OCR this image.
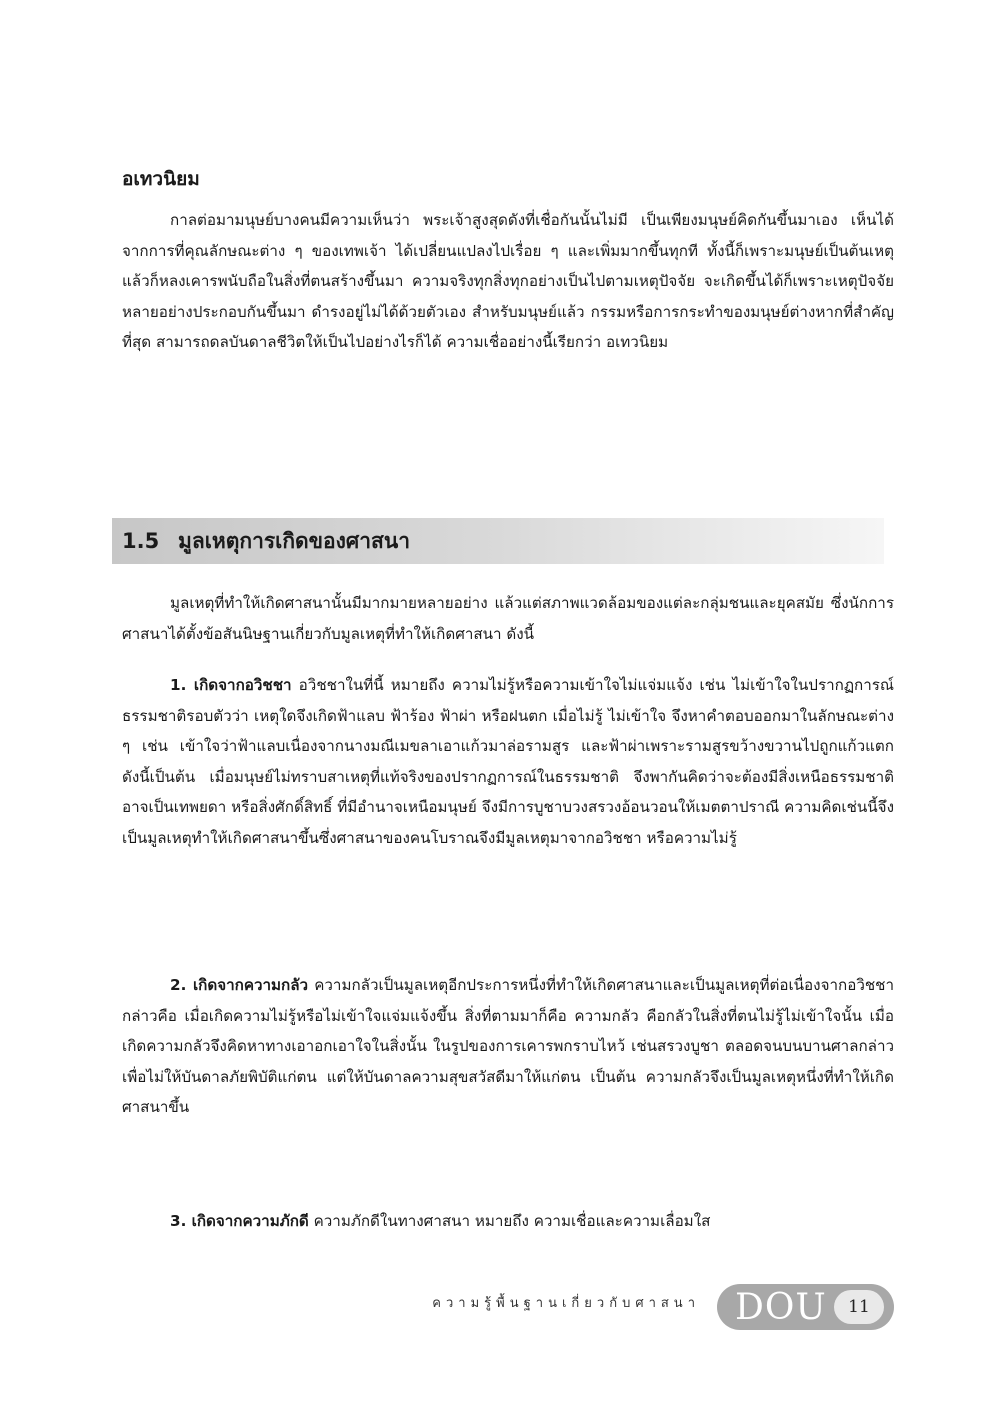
อเทวนิยม

กาลต่อมามนุษย์บางคนมีความเห็นว่า พระเจ้าสูงสุดดังที่เชื่อกันนั้นไม่มี เป็นเพียงมนุษย์คิดกันขึ้นมาเอง เห็นได้จากการที่คุณลักษณะต่าง ๆ ของเทพเจ้า ได้เปลี่ยนแปลงไปเรื่อย ๆ และเพิ่มมากขึ้นทุกที ทั้งนี้ก็เพราะมนุษย์เป็นต้นเหตุ แล้วก็หลงเคารพนับถือในสิ่งที่ตนสร้างขึ้นมา ความจริงทุกสิ่งทุกอย่างเป็นไปตามเหตุปัจจัย จะเกิดขึ้นได้ก็เพราะเหตุปัจจัยหลายอย่างประกอบกันขึ้นมา ดำรงอยู่ไม่ได้ด้วยตัวเอง สำหรับมนุษย์แล้ว กรรมหรือการกระทำของมนุษย์ต่างหากที่สำคัญที่สุด สามารถดลบันดาลชีวิตให้เป็นไปอย่างไรก็ได้ ความเชื่ออย่างนี้เรียกว่า อเทวนิยม

1.5 มูลเหตุการเกิดของศาสนา

มูลเหตุที่ทำให้เกิดศาสนานั้นมีมากมายหลายอย่าง แล้วแต่สภาพแวดล้อมของแต่ละกลุ่มชนและยุคสมัย ซึ่งนักการศาสนาได้ตั้งข้อสันนิษฐานเกี่ยวกับมูลเหตุที่ทำให้เกิดศาสนา ดังนี้

1. เกิดจากอวิชชา อวิชชาในที่นี้ หมายถึง ความไม่รู้หรือความเข้าใจไม่แจ่มแจ้ง เช่น ไม่เข้าใจในปรากฏการณ์ธรรมชาติรอบตัวว่า เหตุใดจึงเกิดฟ้าแลบ ฟ้าร้อง ฟ้าผ่า หรือฝนตก เมื่อไม่รู้ ไม่เข้าใจ จึงหาคำตอบออกมาในลักษณะต่าง ๆ เช่น เข้าใจว่าฟ้าแลบเนื่องจากนางมณีเมขลาเอาแก้วมาล่อรามสูร และฟ้าผ่าเพราะรามสูรขว้างขวานไปถูกแก้วแตก ดังนี้เป็นต้น เมื่อมนุษย์ไม่ทราบสาเหตุที่แท้จริงของปรากฏการณ์ในธรรมชาติ จึงพากันคิดว่าจะต้องมีสิ่งเหนือธรรมชาติอาจเป็นเทพยดา หรือสิ่งศักดิ์สิทธิ์ ที่มีอำนาจเหนือมนุษย์ จึงมีการบูชาบวงสรวงอ้อนวอนให้เมตตาปราณี ความคิดเช่นนี้จึงเป็นมูลเหตุทำให้เกิดศาสนาขึ้นซึ่งศาสนาของคนโบราณจึงมีมูลเหตุมาจากอวิชชา หรือความไม่รู้

2. เกิดจากความกลัว ความกลัวเป็นมูลเหตุอีกประการหนึ่งที่ทำให้เกิดศาสนาและเป็นมูลเหตุที่ต่อเนื่องจากอวิชชา กล่าวคือ เมื่อเกิดความไม่รู้หรือไม่เข้าใจแจ่มแจ้งขึ้น สิ่งที่ตามมาก็คือ ความกลัว คือกลัวในสิ่งที่ตนไม่รู้ไม่เข้าใจนั้น เมื่อเกิดความกลัวจึงคิดหาทางเอาอกเอาใจในสิ่งนั้น ในรูปของการเคารพกราบไหว้ เช่นสรวงบูชา ตลอดจนบนบานศาลกล่าว เพื่อไม่ให้บันดาลภัยพิบัติแก่ตน แต่ให้บันดาลความสุขสวัสดีมาให้แก่ตน เป็นต้น ความกลัวจึงเป็นมูลเหตุหนึ่งที่ทำให้เกิดศาสนาขึ้น

3. เกิดจากความภักดี ความภักดีในทางศาสนา หมายถึง ความเชื่อและความเลื่อมใส

ความรู้พื้นฐานเกี่ยวกับศาสนา DOU	11
